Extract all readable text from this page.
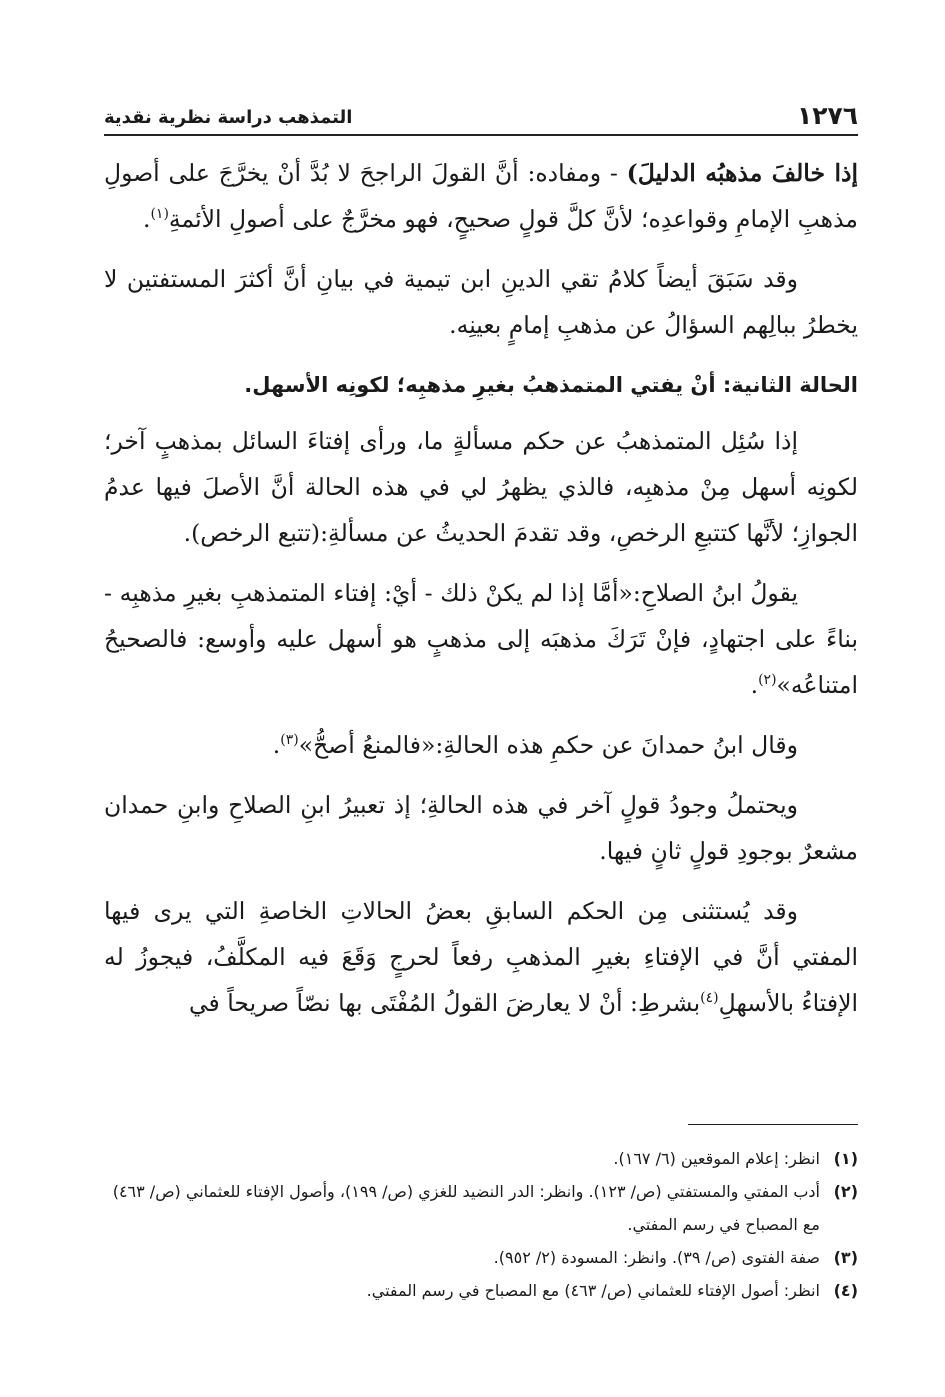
١٢٧٦
التمذهب دراسة نظرية نقدية

إذا خالفَ مذهبُه الدليلَ) - ومفاده: أنَّ القولَ الراجحَ لا بُدَّ أنْ يخرَّجَ على أصولِ مذهبِ الإمامِ وقواعدِه؛ لأنَّ كلَّ قولٍ صحيحٍ، فهو مخرَّجٌ على أصولِ الأئمةِ$^{(١)}$.

وقد سَبَقَ أيضاً كلامُ تقي الدينِ ابن تيمية في بيانِ أنَّ أكثرَ المستفتين لا يخطرُ ببالِهم السؤالُ عن مذهبِ إمامٍ بعينِه.

الحالة الثانية: أنْ يفتي المتمذهبُ بغيرِ مذهبِه؛ لكونِه الأسهل.

إذا سُئِل المتمذهبُ عن حكم مسألةٍ ما، ورأى إفتاءَ السائل بمذهبٍ آخر؛ لكونِه أسهل مِنْ مذهبِه، فالذي يظهرُ لي في هذه الحالة أنَّ الأصلَ فيها عدمُ الجوازِ؛ لأنَّها كتتبعِ الرخصِ، وقد تقدمَ الحديثُ عن مسألةِ:(تتبع الرخص).

يقولُ ابنُ الصلاحِ:«أمَّا إذا لم يكنْ ذلك - أيْ: إفتاء المتمذهبِ بغيرِ مذهبِه - بناءً على اجتهادٍ، فإنْ تَرَكَ مذهبَه إلى مذهبٍ هو أسهل عليه وأوسع: فالصحيحُ امتناعُه»$^{(٢)}$.

وقال ابنُ حمدانَ عن حكمِ هذه الحالةِ:«فالمنعُ أصحُّ»$^{(٣)}$.

ويحتملُ وجودُ قولٍ آخر في هذه الحالةِ؛ إذ تعبيرُ ابنِ الصلاحِ وابنِ حمدان مشعرٌ بوجودِ قولٍ ثانٍ فيها.

وقد يُستثنى مِن الحكم السابقِ بعضُ الحالاتِ الخاصةِ التي يرى فيها المفتي أنَّ في الإفتاءِ بغيرِ المذهبِ رفعاً لحرجٍ وَقَعَ فيه المكلَّفُ، فيجوزُ له الإفتاءُ بالأسهلِ$^{(٤)}$بشرطِ: أنْ لا يعارضَ القولُ المُفْتَى بها نصّاً صريحاً في

(١)
انظر: إعلام الموقعين (٦/ ١٦٧).
(٢)
أدب المفتي والمستفتي (ص/ ١٢٣). وانظر: الدر النضيد للغزي (ص/ ١٩٩)، وأصول الإفتاء للعثماني (ص/ ٤٦٣) مع المصباح في رسم المفتي.
(٣)
صفة الفتوى (ص/ ٣٩). وانظر: المسودة (٢/ ٩٥٢).
(٤)
انظر: أصول الإفتاء للعثماني (ص/ ٤٦٣) مع المصباح في رسم المفتي.
